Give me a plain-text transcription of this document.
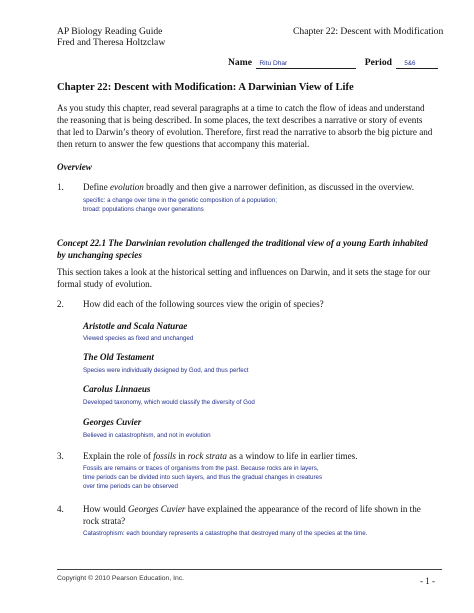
AP Biology Reading Guide
Fred and Theresa Holtzclaw
Chapter 22: Descent with Modification
Name Ritu Dhar	Period 5&6
Chapter 22: Descent with Modification: A Darwinian View of Life
As you study this chapter, read several paragraphs at a time to catch the flow of ideas and understand
the reasoning that is being described. In some places, the text describes a narrative or story of events
that led to Darwin’s theory of evolution. Therefore, first read the narrative to absorb the big picture and
then return to answer the few questions that accompany this material.
Overview
1. Define evolution broadly and then give a narrower definition, as discussed in the overview.
specific: a change over time in the genetic composition of a population;
broad: populations change over generations
Concept 22.1 The Darwinian revolution challenged the traditional view of a young Earth inhabited
by unchanging species
This section takes a look at the historical setting and influences on Darwin, and it sets the stage for our
formal study of evolution.
2. How did each of the following sources view the origin of species?
Aristotle and Scala Naturae
Viewed species as fixed and unchanged
The Old Testament
Species were individually designed by God, and thus perfect
Carolus Linnaeus
Developed taxonomy, which would classify the diversity of God
Georges Cuvier
Believed in catastrophism, and not in evolution
3. Explain the role of fossils in rock strata as a window to life in earlier times.
Fossils are remains or traces of organisms from the past. Because rocks are in layers,
time periods can be divided into such layers, and thus the gradual changes in creatures
over time periods can be observed
4. How would Georges Cuvier have explained the appearance of the record of life shown in the
rock strata?
Catastrophism: each boundary represents a catastrophe that destroyed many of the species at the time.
Copyright © 2010 Pearson Education, Inc.	- 1 -
